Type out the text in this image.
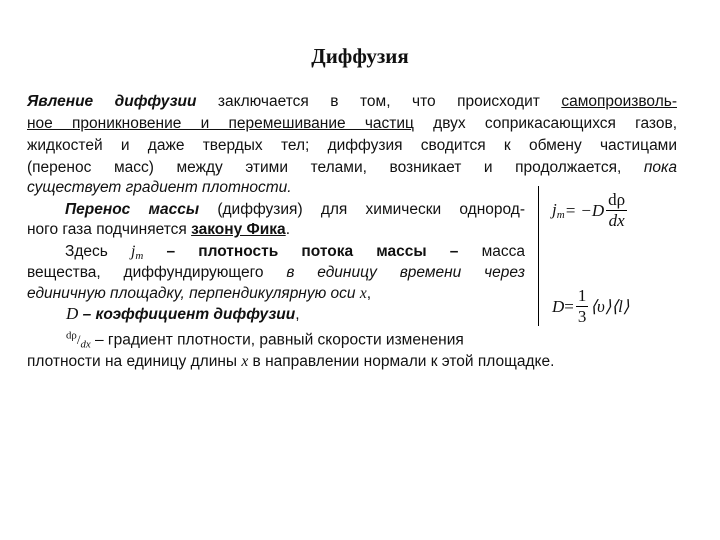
Диффузия
Явление диффузии заключается в том, что происходит самопроизволь-
ное проникновение и перемешивание частиц двух соприкасающихся газов,
жидкостей и даже твердых тел; диффузия сводится к обмену частицами
(перенос масс) между этими телами, возникает и продолжается, пока
существует градиент плотности.
Перенос массы (диффузия) для химически однород-
ного газа подчиняется закону Фика.
Здесь $j_m$ – плотность потока массы – масса
вещества, диффундирующего в единицу времени через
единичную площадку, перпендикулярную оси x,
D – коэффициент диффузии,
$^{d\rho}/_{dx}$ – градиент плотности, равный скорости изменения
плотности на единицу длины x в направлении нормали к этой площадке.
$j_m = -D \frac{d\rho}{dx}$
$D = \frac{1}{3}$ ⟨υ⟩⟨l⟩
